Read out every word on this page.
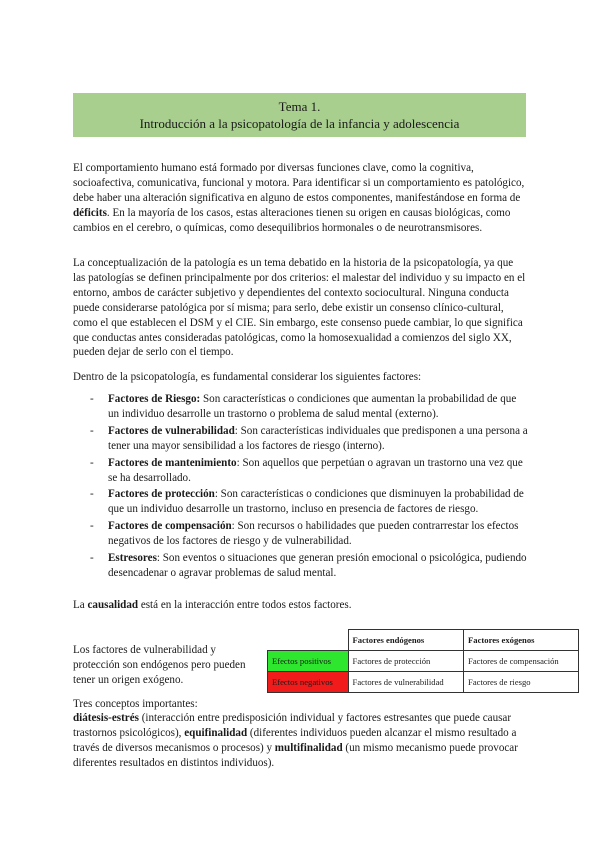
Tema 1.
Introducción a la psicopatología de la infancia y adolescencia

El comportamiento humano está formado por diversas funciones clave, como la cognitiva, socioafectiva, comunicativa, funcional y motora. Para identificar si un comportamiento es patológico, debe haber una alteración significativa en alguno de estos componentes, manifestándose en forma de déficits. En la mayoría de los casos, estas alteraciones tienen su origen en causas biológicas, como cambios en el cerebro, o químicas, como desequilibrios hormonales o de neurotransmisores.

La conceptualización de la patología es un tema debatido en la historia de la psicopatología, ya que las patologías se definen principalmente por dos criterios: el malestar del individuo y su impacto en el entorno, ambos de carácter subjetivo y dependientes del contexto sociocultural. Ninguna conducta puede considerarse patológica por sí misma; para serlo, debe existir un consenso clínico-cultural, como el que establecen el DSM y el CIE. Sin embargo, este consenso puede cambiar, lo que significa que conductas antes consideradas patológicas, como la homosexualidad a comienzos del siglo XX, pueden dejar de serlo con el tiempo.

Dentro de la psicopatología, es fundamental considerar los siguientes factores:

- Factores de Riesgo: Son características o condiciones que aumentan la probabilidad de que un individuo desarrolle un trastorno o problema de salud mental (externo).
- Factores de vulnerabilidad: Son características individuales que predisponen a una persona a tener una mayor sensibilidad a los factores de riesgo (interno).
- Factores de mantenimiento: Son aquellos que perpetúan o agravan un trastorno una vez que se ha desarrollado.
- Factores de protección: Son características o condiciones que disminuyen la probabilidad de que un individuo desarrolle un trastorno, incluso en presencia de factores de riesgo.
- Factores de compensación: Son recursos o habilidades que pueden contrarrestar los efectos negativos de los factores de riesgo y de vulnerabilidad.
- Estresores: Son eventos o situaciones que generan presión emocional o psicológica, pudiendo desencadenar o agravar problemas de salud mental.

La causalidad está en la interacción entre todos estos factores.

Los factores de vulnerabilidad y protección son endógenos pero pueden tener un origen exógeno.

	Factores endógenos	Factores exógenos
Efectos positivos	Factores de protección	Factores de compensación
Efectos negativos	Factores de vulnerabilidad	Factores de riesgo

Tres conceptos importantes:

diátesis-estrés (interacción entre predisposición individual y factores estresantes que puede causar trastornos psicológicos), equifinalidad (diferentes individuos pueden alcanzar el mismo resultado a través de diversos mecanismos o procesos) y multifinalidad (un mismo mecanismo puede provocar diferentes resultados en distintos individuos).
